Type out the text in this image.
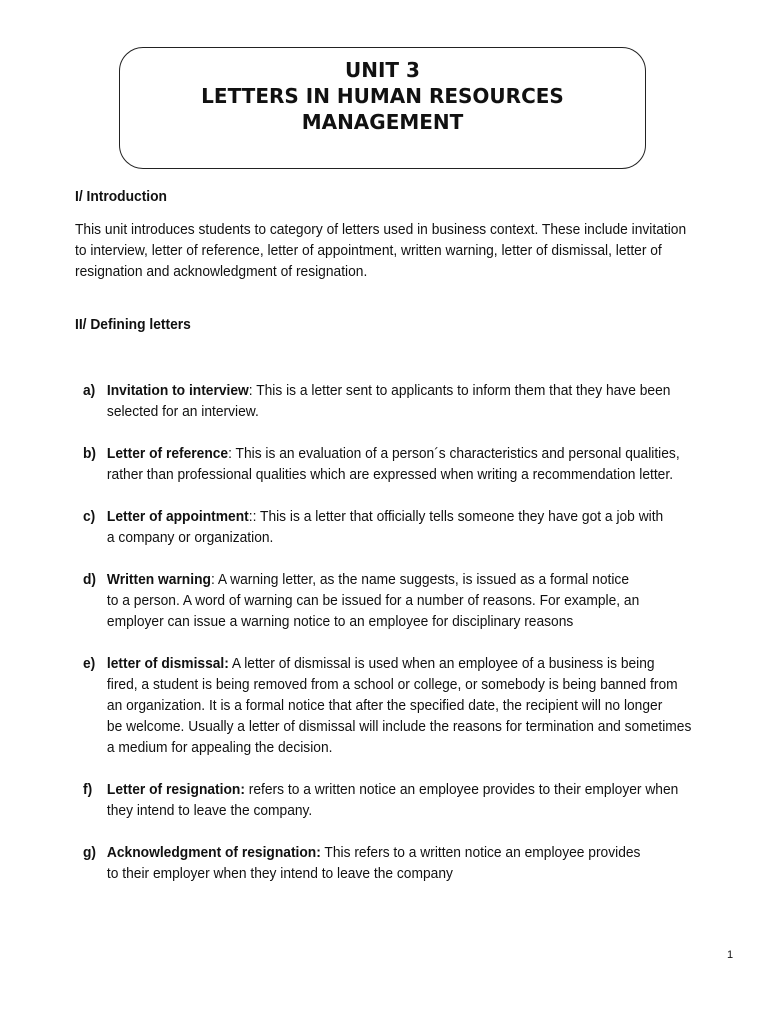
UNIT 3
LETTERS IN HUMAN RESOURCES
MANAGEMENT
I/ Introduction

This unit introduces students to category of letters used in business context. These include invitation
to interview, letter of reference, letter of appointment, written warning, letter of dismissal, letter of
resignation and acknowledgment of resignation.

II/ Defining letters
a) Invitation to interview: This is a letter sent to applicants to inform them that they have been
selected for an interview.
b) Letter of reference: This is an evaluation of a person´s characteristics and personal qualities,
rather than professional qualities which are expressed when writing a recommendation letter.
c) Letter of appointment:: This is a letter that officially tells someone they have got a job with
a company or organization.
d) Written warning: A warning letter, as the name suggests, is issued as a formal notice
to a person. A word of warning can be issued for a number of reasons. For example, an
employer can issue a warning notice to an employee for disciplinary reasons
e) letter of dismissal: A letter of dismissal is used when an employee of a business is being
fired, a student is being removed from a school or college, or somebody is being banned from
an organization. It is a formal notice that after the specified date, the recipient will no longer
be welcome. Usually a letter of dismissal will include the reasons for termination and sometimes
a medium for appealing the decision.
f) Letter of resignation: refers to a written notice an employee provides to their employer when
they intend to leave the company.
g) Acknowledgment of resignation: This refers to a written notice an employee provides
to their employer when they intend to leave the company
1
